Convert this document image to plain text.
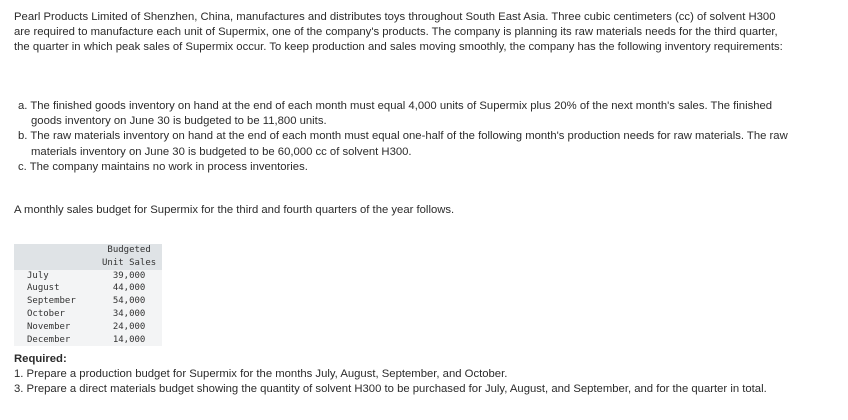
Pearl Products Limited of Shenzhen, China, manufactures and distributes toys throughout South East Asia. Three cubic centimeters (cc) of solvent H300 are required to manufacture each unit of Supermix, one of the company's products. The company is planning its raw materials needs for the third quarter, the quarter in which peak sales of Supermix occur. To keep production and sales moving smoothly, the company has the following inventory requirements:

a. The finished goods inventory on hand at the end of each month must equal 4,000 units of Supermix plus 20% of the next month's sales. The finished goods inventory on June 30 is budgeted to be 11,800 units.
b. The raw materials inventory on hand at the end of each month must equal one-half of the following month's production needs for raw materials. The raw materials inventory on June 30 is budgeted to be 60,000 cc of solvent H300.
c. The company maintains no work in process inventories.

A monthly sales budget for Supermix for the third and fourth quarters of the year follows.

	Budgeted
Unit Sales
July	39,000
August	44,000
September	54,000
October	34,000
November	24,000
December	14,000

Required:

1. Prepare a production budget for Supermix for the months July, August, September, and October.

3. Prepare a direct materials budget showing the quantity of solvent H300 to be purchased for July, August, and September, and for the quarter in total.
